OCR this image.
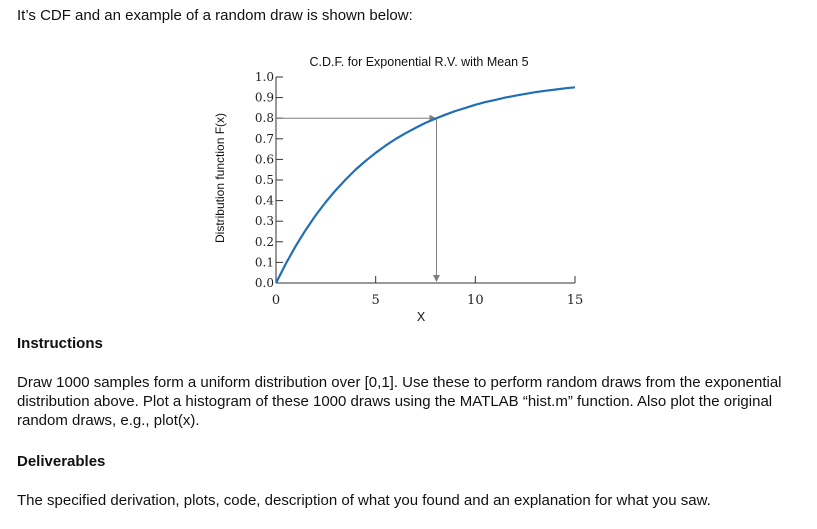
It’s CDF and an example of a random draw is shown below:

C.D.F. for Exponential R.V. with Mean 5
Distribution function F(x)
X
0.0
0.1
0.2
0.3
0.4
0.5
0.6
0.7
0.8
0.9
1.0
0	5	10	15

Instructions

Draw 1000 samples form a uniform distribution over [0,1]. Use these to perform random draws from the exponential distribution above. Plot a histogram of these 1000 draws using the MATLAB “hist.m” function. Also plot the original random draws, e.g., plot(x).

Deliverables

The specified derivation, plots, code, description of what you found and an explanation for what you saw.
